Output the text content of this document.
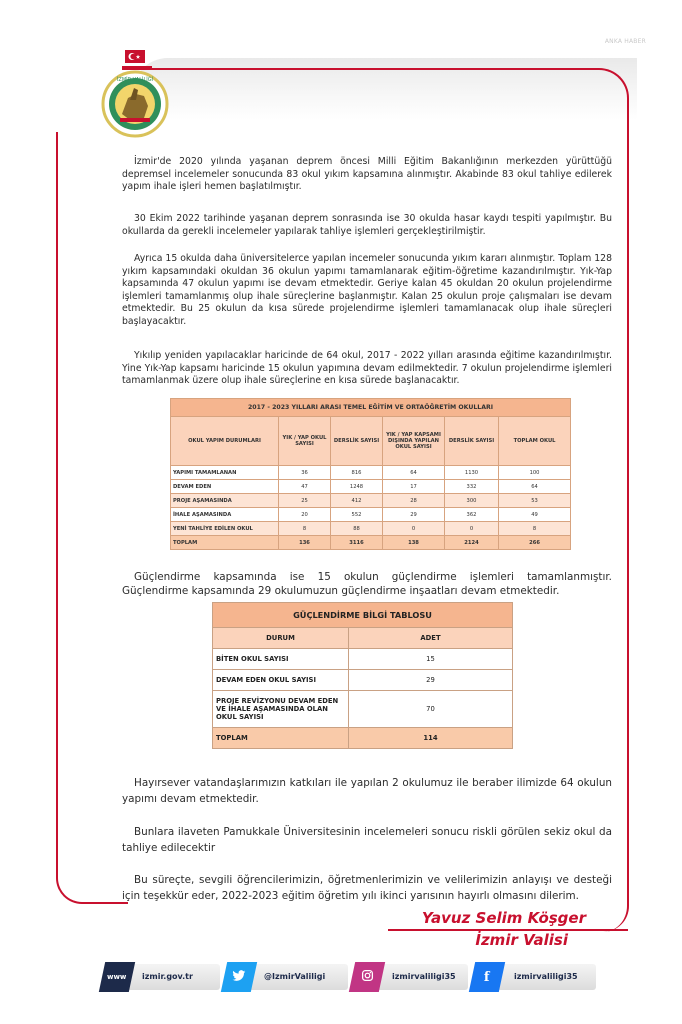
ANKA HABER
İZMİR VALİLİĞİ

İzmir'de 2020 yılında yaşanan deprem öncesi Milli Eğitim Bakanlığının merkezden yürüttüğü depremsel incelemeler sonucunda 83 okul yıkım kapsamına alınmıştır. Akabinde 83 okul tahliye edilerek yapım ihale işleri hemen başlatılmıştır.

30 Ekim 2022 tarihinde yaşanan deprem sonrasında ise 30 okulda hasar kaydı tespiti yapılmıştır. Bu okullarda da gerekli incelemeler yapılarak tahliye işlemleri gerçekleştirilmiştir.

Ayrıca 15 okulda daha üniversitelerce yapılan incemeler sonucunda yıkım kararı alınmıştır. Toplam 128 yıkım kapsamındaki okuldan 36 okulun yapımı tamamlanarak eğitim-öğretime kazandırılmıştır. Yık-Yap kapsamında 47 okulun yapımı ise devam etmektedir. Geriye kalan 45 okuldan 20 okulun projelendirme işlemleri tamamlanmış olup ihale süreçlerine başlanmıştır. Kalan 25 okulun proje çalışmaları ise devam etmektedir. Bu 25 okulun da kısa sürede projelendirme işlemleri tamamlanacak olup ihale süreçleri başlayacaktır.

Yıkılıp yeniden yapılacaklar haricinde de 64 okul, 2017 - 2022 yılları arasında eğitime kazandırılmıştır. Yine Yık-Yap kapsamı haricinde 15 okulun yapımına devam edilmektedir. 7 okulun projelendirme işlemleri tamamlanmak üzere olup ihale süreçlerine en kısa sürede başlanacaktır.

2017 - 2023 YILLARI ARASI TEMEL EĞİTİM VE ORTAÖĞRETİM OKULLARI					
OKUL YAPIM DURUMLARI	YIK / YAP OKUL SAYISI	DERSLİK SAYISI	YIK / YAP KAPSAMI DIŞINDA YAPILAN OKUL SAYISI	DERSLİK SAYISI	TOPLAM OKUL
YAPIMI TAMAMLANAN	36	816	64	1130	100
DEVAM EDEN	47	1248	17	332	64
PROJE AŞAMASINDA	25	412	28	300	53
İHALE AŞAMASINDA	20	552	29	362	49
YENİ TAHLİYE EDİLEN OKUL	8	88	0	0	8
TOPLAM	136	3116	138	2124	266

Güçlendirme kapsamında ise 15 okulun güçlendirme işlemleri tamamlanmıştır. Güçlendirme kapsamında 29 okulumuzun güçlendirme inşaatları devam etmektedir.

GÜÇLENDİRME BİLGİ TABLOSU	
DURUM	ADET
BİTEN OKUL SAYISI	15
DEVAM EDEN OKUL SAYISI	29
PROJE REVİZYONU DEVAM EDEN VE İHALE AŞAMASINDA OLAN OKUL SAYISI	70
TOPLAM	114

Hayırsever vatandaşlarımızın katkıları ile yapılan 2 okulumuz ile beraber ilimizde 64 okulun yapımı devam etmektedir.

Bunlara ilaveten Pamukkale Üniversitesinin incelemeleri sonucu riskli görülen sekiz okul da tahliye edilecektir

Bu süreçte, sevgili öğrencilerimizin, öğretmenlerimizin ve velilerimizin anlayışı ve desteği için teşekkür eder, 2022-2023 eğitim öğretim yılı ikinci yarısının hayırlı olmasını dilerim.

Yavuz Selim Köşger
İzmir Valisi
www izmir.gov.tr	@IzmirValiligi	izmirvaliligi35 f	izmirvaliligi35
